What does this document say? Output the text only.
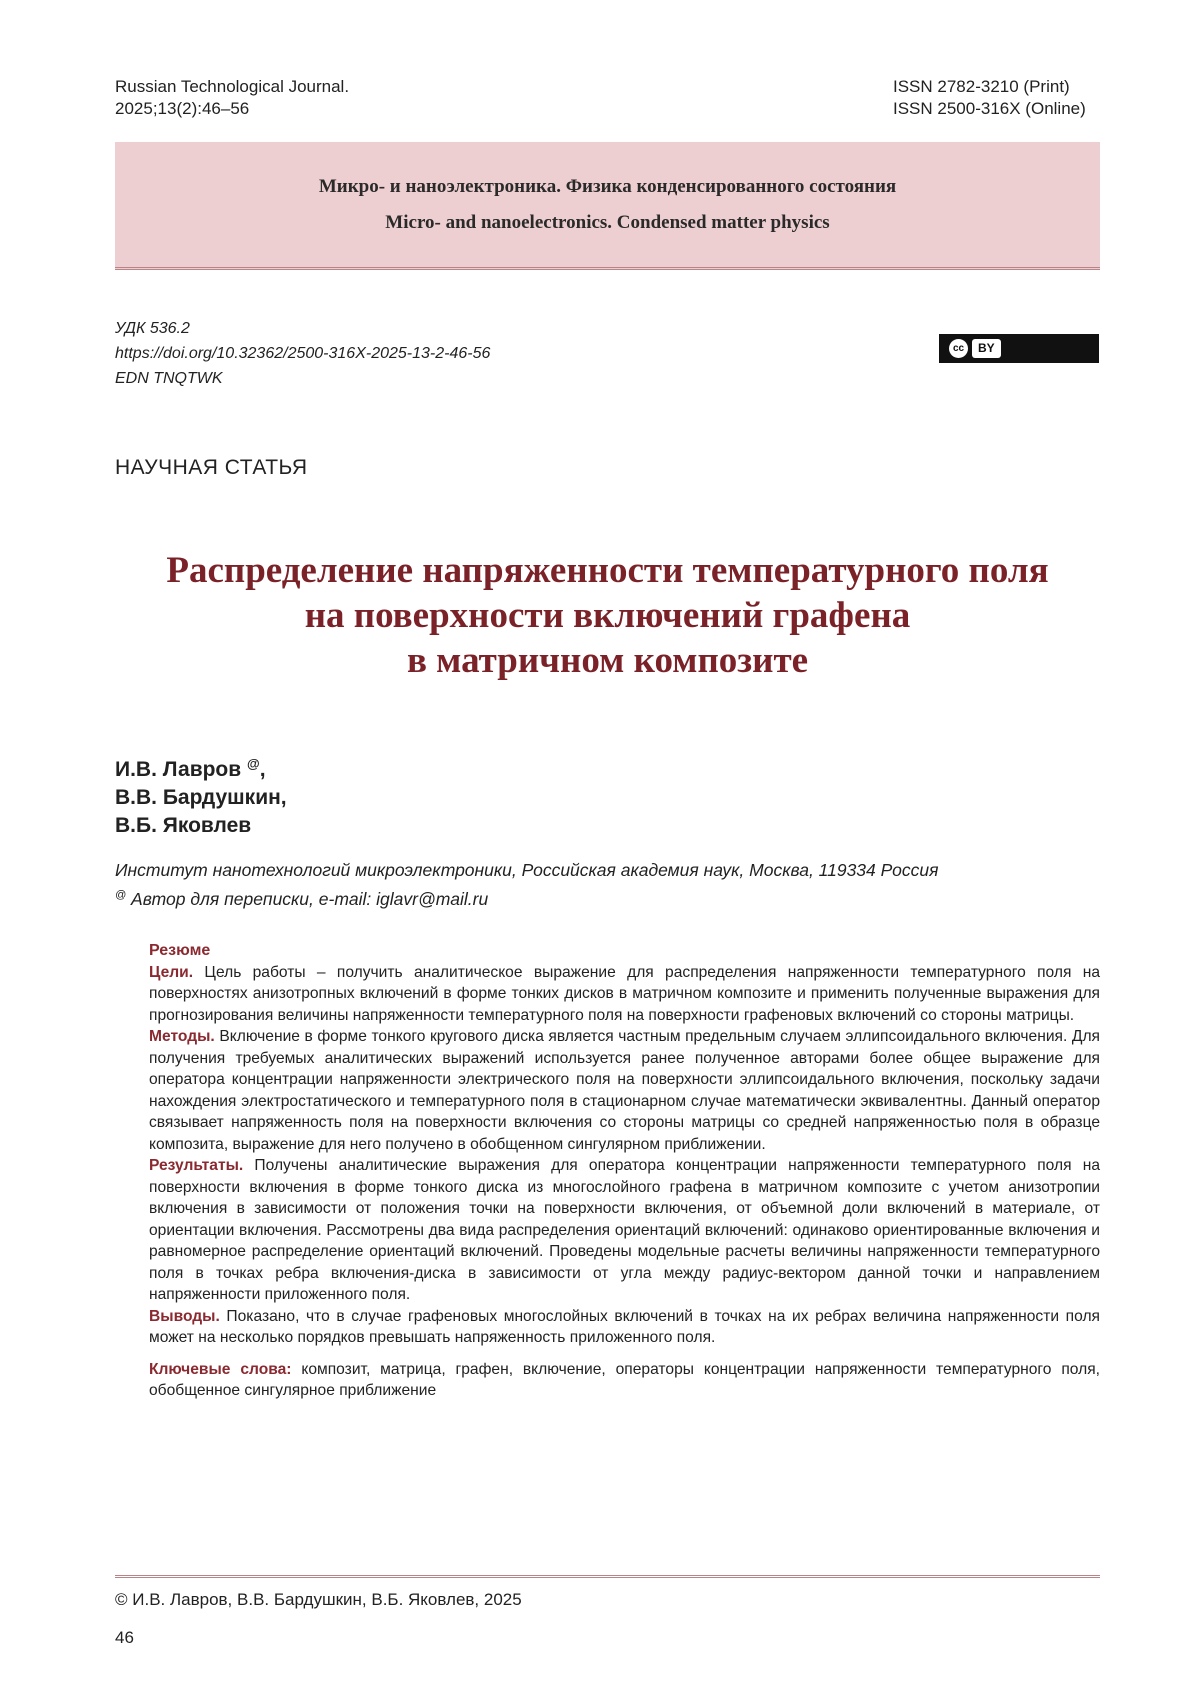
Russian Technological Journal.
2025;13(2):46–56
ISSN 2782-3210 (Print)
ISSN 2500-316X (Online)
Микро- и наноэлектроника. Физика конденсированного состояния
Micro- and nanoelectronics. Condensed matter physics
УДК 536.2
https://doi.org/10.32362/2500-316X-2025-13-2-46-56
EDN TNQTWK
cc	BY
НАУЧНАЯ СТАТЬЯ
Распределение напряженности температурного поля
на поверхности включений графена
в матричном композите
И.В. Лавров @,
В.В. Бардушкин,
В.Б. Яковлев
Институт нанотехнологий микроэлектроники, Российская академия наук, Москва, 119334 Россия
@ Автор для переписки, e-mail: iglavr@mail.ru

Резюме

Цели. Цель работы – получить аналитическое выражение для распределения напряженности температурного поля на поверхностях анизотропных включений в форме тонких дисков в матричном композите и применить полученные выражения для прогнозирования величины напряженности температурного поля на поверхности графеновых включений со стороны матрицы.

Методы. Включение в форме тонкого кругового диска является частным предельным случаем эллипсоидального включения. Для получения требуемых аналитических выражений используется ранее полученное авторами более общее выражение для оператора концентрации напряженности электрического поля на поверхности эллипсоидального включения, поскольку задачи нахождения электростатического и температурного поля в стационарном случае математически эквивалентны. Данный оператор связывает напряженность поля на поверхности включения со стороны матрицы со средней напряженностью поля в образце композита, выражение для него получено в обобщенном сингулярном приближении.

Результаты. Получены аналитические выражения для оператора концентрации напряженности температурного поля на поверхности включения в форме тонкого диска из многослойного графена в матричном композите с учетом анизотропии включения в зависимости от положения точки на поверхности включения, от объемной доли включений в материале, от ориентации включения. Рассмотрены два вида распределения ориентаций включений: одинаково ориентированные включения и равномерное распределение ориентаций включений. Проведены модельные расчеты величины напряженности температурного поля в точках ребра включения-диска в зависимости от угла между радиус-вектором данной точки и направлением напряженности приложенного поля.

Выводы. Показано, что в случае графеновых многослойных включений в точках на их ребрах величина напряженности поля может на несколько порядков превышать напряженность приложенного поля.

Ключевые слова: композит, матрица, графен, включение, операторы концентрации напряженности температурного поля, обобщенное сингулярное приближение

© И.В. Лавров, В.В. Бардушкин, В.Б. Яковлев, 2025
46
